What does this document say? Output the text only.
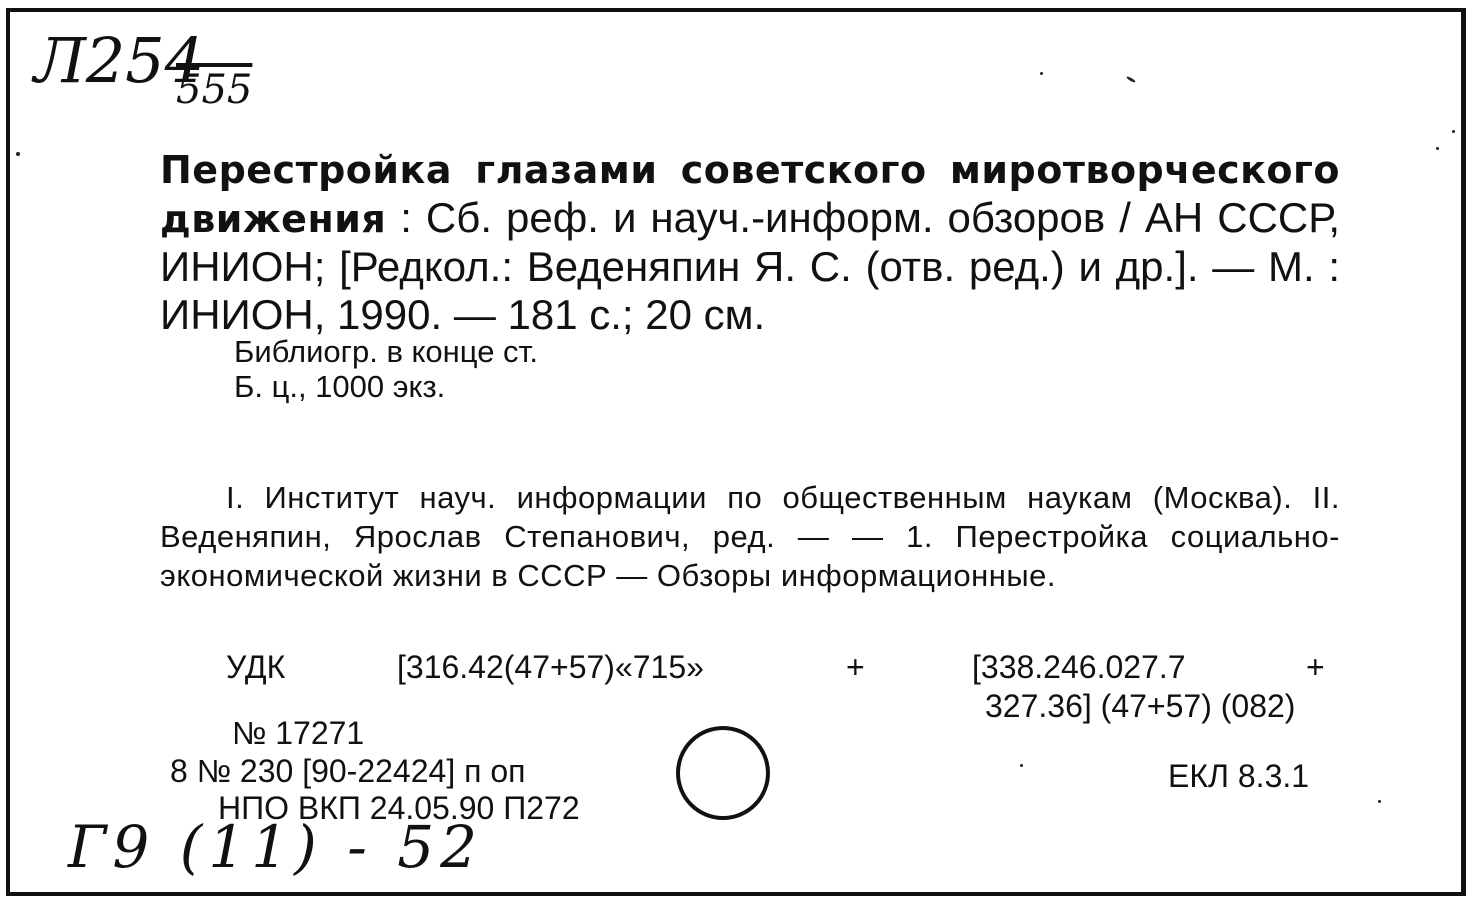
Л254
555
Перестройка глазами советского миротворческого движения : Сб. реф. и науч.-информ. обзоров / АН СССР, ИНИОН; [Редкол.: Веденяпин Я. С. (отв. ред.) и др.]. — М. : ИНИОН, 1990. — 181 с.; 20 см.
Библиогр. в конце ст.
Б. ц., 1000 экз.
I. Институт науч. информации по общественным наукам (Москва). II. Веденяпин, Ярослав Степанович, ред. — — 1. Перестройка социально-экономической жизни в СССР — Обзоры информационные.
УДК	[316.42(47+57)«715»	+	[338.246.027.7	+
327.36] (47+57) (082)
№ 17271
8 № 230 [90-22424] п оп
НПО ВКП 24.05.90 П272
ЕКЛ 8.3.1
Г9 (11) - 52
